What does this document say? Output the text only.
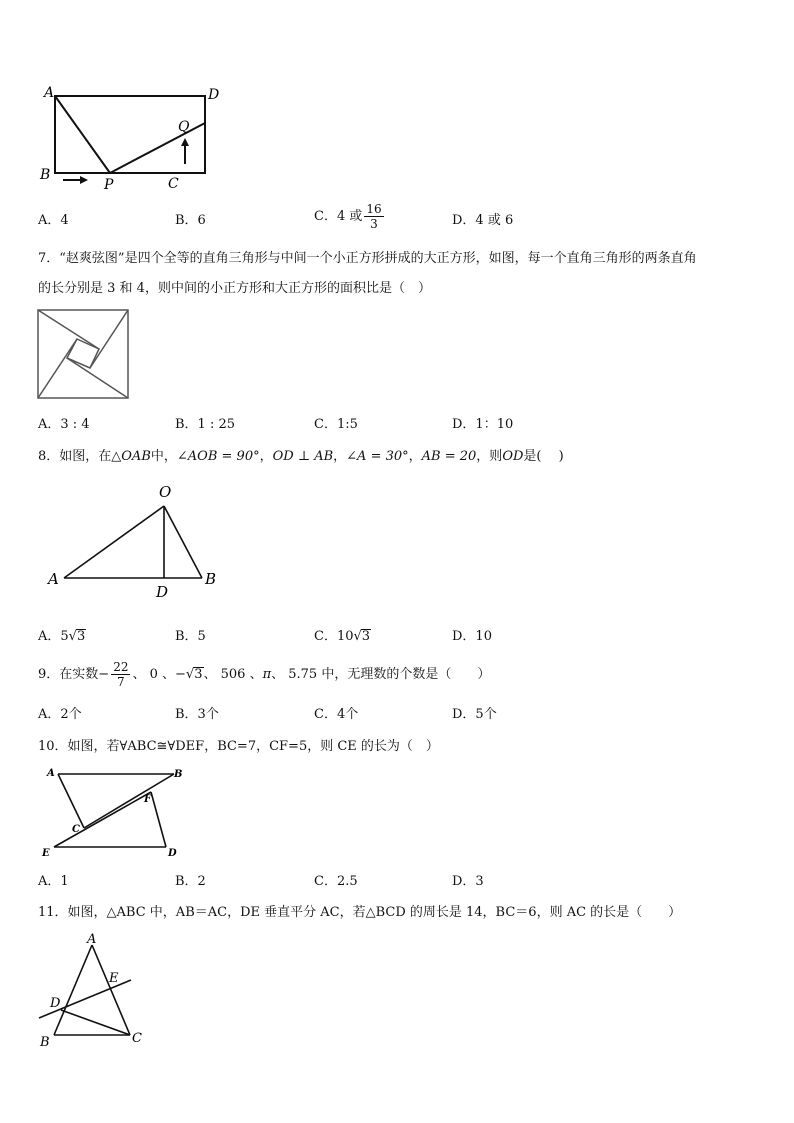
A	D
Q
B
P	C
A．4	B．6	C．4 或 $\frac{16}{3}$	D．4 或 6
7．“赵爽弦图”是四个全等的直角三角形与中间一个小正方形拼成的大正方形，如图，每一个直角三角形的两条直角
的长分别是 3 和 4，则中间的小正方形和大正方形的面积比是（　）
A．3 : 4	B．1 : 25	C．1:5	D．1：10
8．如图，在△OAB中，∠AOB = 90°，OD ⊥ AB，∠A = 30°，AB = 20，则OD是(　 )
O
A
D
B
A．5√3	B．5	C．10√3	D．10
9．在实数− $\frac{22}{7}$ 、 0 、−√3、 506 、π、 5.75 中，无理数的个数是（　　）
A．2个	B．3个	C．4个	D．5个
10．如图，若∀ABC≅∀DEF，BC=7，CF=5，则 CE 的长为（　）
A	B
F
C
E	D
A．1	B．2	C．2.5	D．3
11．如图，△ABC 中，AB＝AC，DE 垂直平分 AC，若△BCD 的周长是 14，BC＝6，则 AC 的长是（　　）
A
E
D
B	C
